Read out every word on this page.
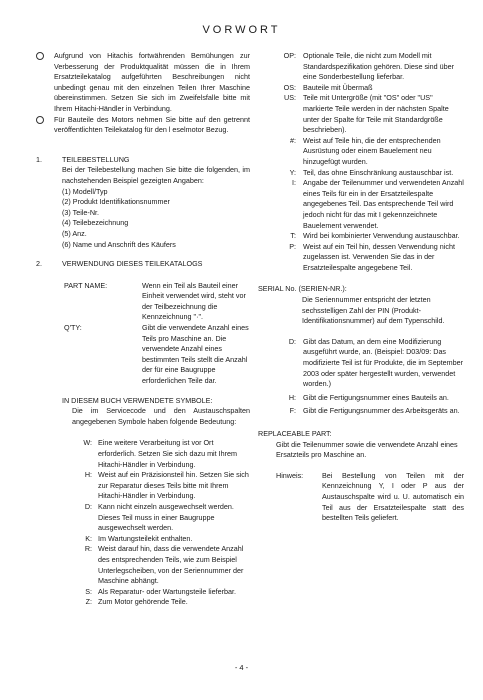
VORWORT
Aufgrund von Hitachis fortwährenden Bemühungen zur Verbesserung der Produktqualität müssen die in Ihrem Ersatzteilekatalog aufgeführten Beschreibungen nicht unbedingt genau mit den einzelnen Teilen Ihrer Maschine übereinstimmen. Setzen Sie sich im Zweifelsfalle bitte mit Ihrem Hitachi-Händler in Verbindung.
Für Bauteile des Motors nehmen Sie bitte auf den getrennt veröffentlichten Teilekatalog für den l eselmotor Bezug.
1.	TEILEBESTELLUNG
Bei der Teilebestellung machen Sie bitte die folgenden, im nachstehenden Beispiel gezeigten Angaben:
(1) Modell/Typ
(2) Produkt Identifikationsnummer
(3) Teile-Nr.
(4) Teilebezeichnung
(5) Anz.
(6) Name und Anschrift des Käufers
2.	VERWENDUNG DIESES TEILEKATALOGS
PART NAME:	Wenn ein Teil als Bauteil einer Einheit verwendet wird, steht vor der Teilbezeichnung die Kennzeichnung "·".
Q'TY:	Gibt die verwendete Anzahl eines Teils pro Maschine an. Die verwendete Anzahl eines bestimmten Teils stellt die Anzahl der für eine Baugruppe erforderlichen Teile dar.
IN DIESEM BUCH VERWENDETE SYMBOLE:
Die im Servicecode und den Austauschspalten angegebenen Symbole haben folgende Bedeutung:
W: Eine weitere Verarbeitung ist vor Ort erforderlich. Setzen Sie sich dazu mit Ihrem Hitachi-Händler in Verbindung.
H: Weist auf ein Präzisionsteil hin. Setzen Sie sich zur Reparatur dieses Teils bitte mit Ihrem Hitachi-Händler in Verbindung.
D: Kann nicht einzeln ausgewechselt werden. Dieses Teil muss in einer Baugruppe ausgewechselt werden.
K: Im Wartungsteilekit enthalten.
R: Weist darauf hin, dass die verwendete Anzahl des entsprechenden Teils, wie zum Beispiel Unterlegscheiben, von der Seriennummer der Maschine abhängt.
S: Als Reparatur- oder Wartungsteile lieferbar.
Z: Zum Motor gehörende Teile.
OP: Optionale Teile, die nicht zum Modell mit Standardspezifikation gehören. Diese sind über eine Sonderbestellung lieferbar.
OS: Bauteile mit Übermaß
US: Teile mit Untergröße (mit "OS" oder "US" markierte Teile werden in der nächsten Spalte unter der Spalte für Teile mit Standardgröße beschrieben).
#: Weist auf Teile hin, die der entsprechenden Ausrüstung oder einem Bauelement neu hinzugefügt wurden.
Y: Teil, das ohne Einschränkung austauschbar ist.
I: Angabe der Teilenummer und verwendeten Anzahl eines Teils für ein in der Ersatzteilespalte angegebenes Teil. Das entsprechende Teil wird jedoch nicht für das mit I gekennzeichnete Bauelement verwendet.
T: Wird bei kombinierter Verwendung austauschbar.
P: Weist auf ein Teil hin, dessen Verwendung nicht zugelassen ist. Verwenden Sie das in der Ersatzteilespalte angegebene Teil.
SERIAL No. (SERIEN-NR.):
Die Seriennummer entspricht der letzten sechsstelligen Zahl der PIN (Produkt-Identifikationsnummer) auf dem Typenschild.
D: Gibt das Datum, an dem eine Modifizierung ausgeführt wurde, an. (Beispiel: D03/09: Das modifizierte Teil ist für Produkte, die im September 2003 oder später hergestellt wurden, verwendet worden.)
H: Gibt die Fertigungsnummer eines Bauteils an.
F: Gibt die Fertigungsnummer des Arbeitsgeräts an.
REPLACEABLE PART:
Gibt die Teilenummer sowie die verwendete Anzahl eines Ersatzteils pro Maschine an.
Hinweis:	Bei Bestellung von Teilen mit der Kennzeichnung Y, I oder P aus der Austauschspalte wird u. U. automatisch ein Teil aus der Ersatzteilespalte statt des bestellten Teils geliefert.
- 4 -
